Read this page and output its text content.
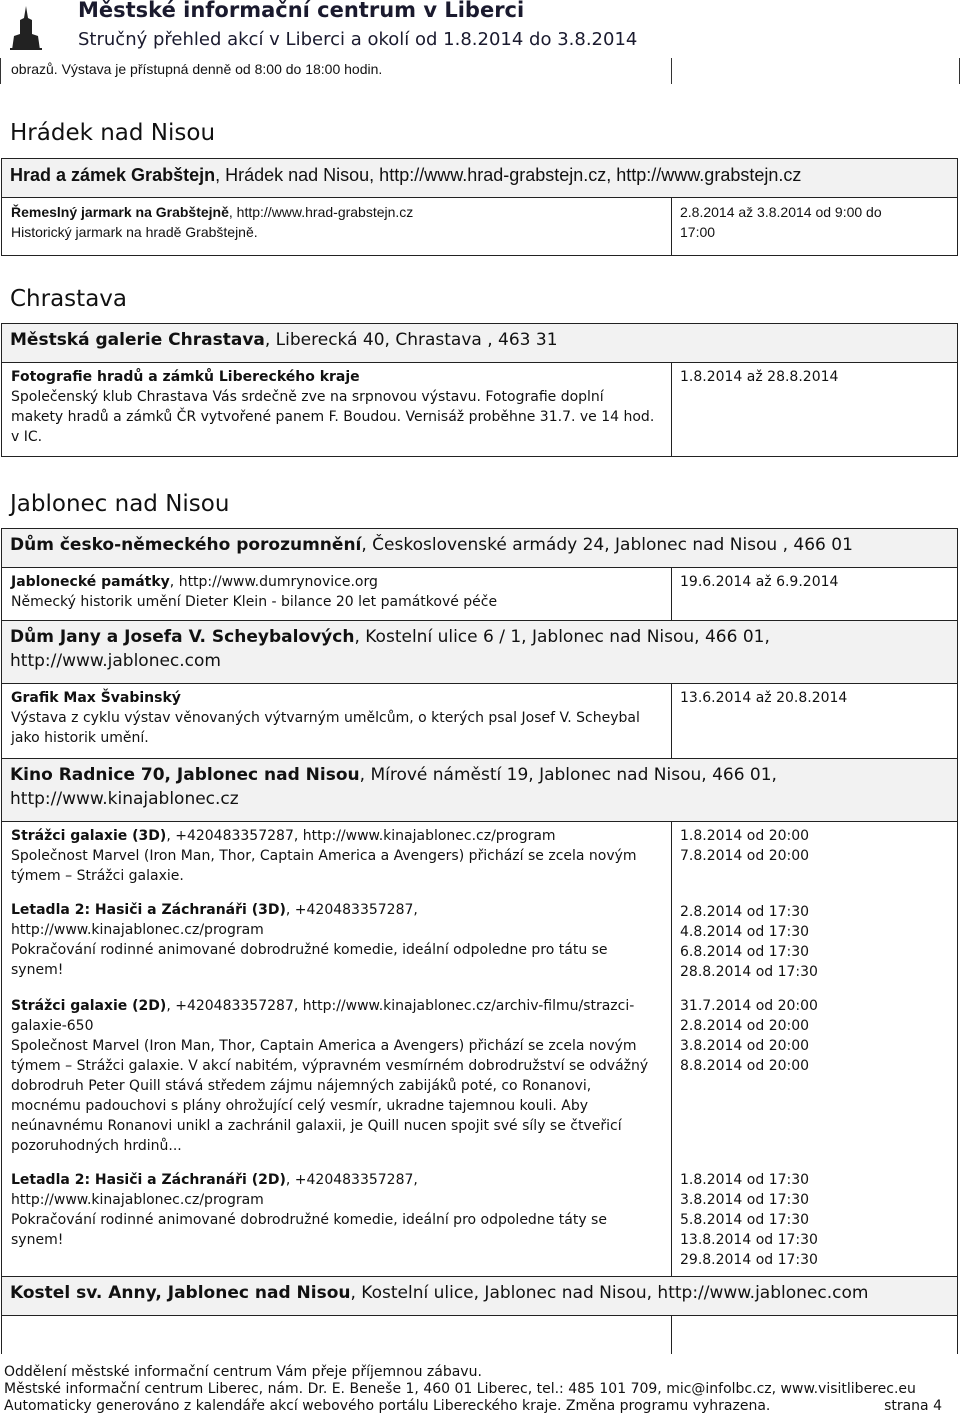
Městské informační centrum v Liberci
Stručný přehled akcí v Liberci a okolí od 1.8.2014 do 3.8.2014
obrazů. Výstava je přístupná denně od 8:00 do 18:00 hodin.
Hrádek nad Nisou
Hrad a zámek Grabštejn, Hrádek nad Nisou, http://www.hrad-grabstejn.cz, http://www.grabstejn.cz
Řemeslný jarmark na Grabštejně, http://www.hrad-grabstejn.cz
Historický jarmark na hradě Grabštejně.
2.8.2014 až 3.8.2014 od 9:00 do
17:00
Chrastava
Městská galerie Chrastava, Liberecká 40, Chrastava , 463 31
Fotografie hradů a zámků Libereckého kraje
Společenský klub Chrastava Vás srdečně zve na srpnovou výstavu. Fotografie doplní makety hradů a zámků ČR vytvořené panem F. Boudou. Vernisáž proběhne 31.7. ve 14 hod. v IC.
1.8.2014 až 28.8.2014
Jablonec nad Nisou
Dům česko-německého porozumnění, Československé armády 24, Jablonec nad Nisou , 466 01
Jablonecké památky, http://www.dumrynovice.org
Německý historik umění Dieter Klein - bilance 20 let památkové péče
19.6.2014 až 6.9.2014
Dům Jany a Josefa V. Scheybalových, Kostelní ulice 6 / 1, Jablonec nad Nisou, 466 01, http://www.jablonec.com
Grafik Max Švabinský
Výstava z cyklu výstav věnovaných výtvarným umělcům, o kterých psal Josef V. Scheybal jako historik umění.
13.6.2014 až 20.8.2014
Kino Radnice 70, Jablonec nad Nisou, Mírové náměstí 19, Jablonec nad Nisou, 466 01, http://www.kinajablonec.cz
Strážci galaxie (3D), +420483357287, http://www.kinajablonec.cz/program
Společnost Marvel (Iron Man, Thor, Captain America a Avengers) přichází se zcela novým týmem – Strážci galaxie.
1.8.2014 od 20:00
7.8.2014 od 20:00
Letadla 2: Hasiči a Záchranáři (3D), +420483357287, http://www.kinajablonec.cz/program
Pokračování rodinné animované dobrodružné komedie, ideální odpoledne pro tátu se synem!
2.8.2014 od 17:30
4.8.2014 od 17:30
6.8.2014 od 17:30
28.8.2014 od 17:30
Strážci galaxie (2D), +420483357287, http://www.kinajablonec.cz/archiv-filmu/strazci-galaxie-650
Společnost Marvel (Iron Man, Thor, Captain America a Avengers) přichází se zcela novým týmem – Strážci galaxie. V akcí nabitém, výpravném vesmírném dobrodružství se odvážný dobrodruh Peter Quill stává středem zájmu nájemných zabijáků poté, co Ronanovi, mocnému padouchovi s plány ohrožující celý vesmír, ukradne tajemnou kouli. Aby neúnavnému Ronanovi unikl a zachránil galaxii, je Quill nucen spojit své síly se čtveřicí pozoruhodných hrdinů...
31.7.2014 od 20:00
2.8.2014 od 20:00
3.8.2014 od 20:00
8.8.2014 od 20:00
Letadla 2: Hasiči a Záchranáři (2D), +420483357287, http://www.kinajablonec.cz/program
Pokračování rodinné animované dobrodružné komedie, ideální pro odpoledne táty se synem!
1.8.2014 od 17:30
3.8.2014 od 17:30
5.8.2014 od 17:30
13.8.2014 od 17:30
29.8.2014 od 17:30
Kostel sv. Anny, Jablonec nad Nisou, Kostelní ulice, Jablonec nad Nisou, http://www.jablonec.com
Oddělení městské informační centrum Vám přeje příjemnou zábavu.
Městské informační centrum Liberec, nám. Dr. E. Beneše 1, 460 01 Liberec, tel.: 485 101 709, mic@infolbc.cz, www.visitliberec.eu
Automaticky generováno z kalendáře akcí webového portálu Libereckého kraje. Změna programu vyhrazena.	strana 4
